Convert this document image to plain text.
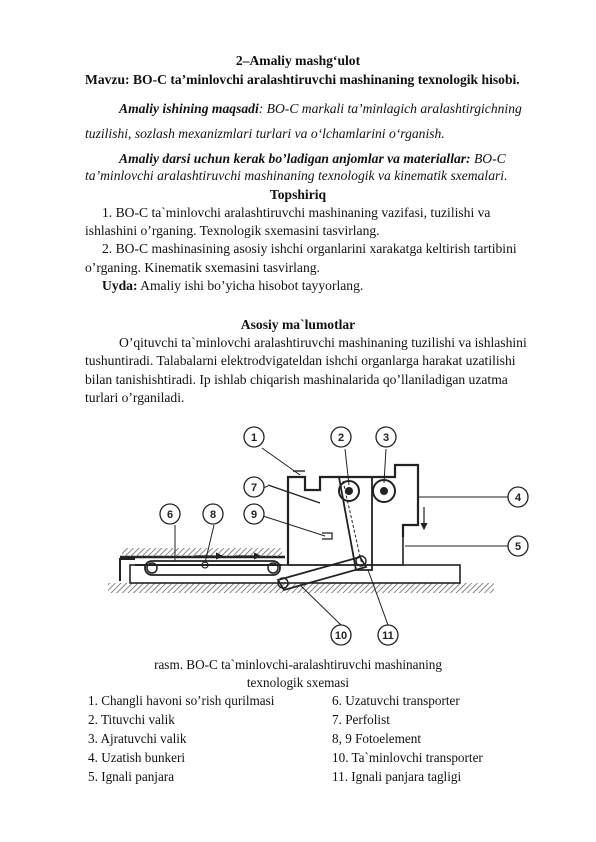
2–Amaliy mashg‘ulot
Mavzu: BO-C ta’minlovchi aralashtiruvchi mashinaning texnologik hisobi.
Amaliy ishining maqsadi: BO-C markali ta’minlagich aralashtirgichning
tuzilishi, sozlash mexanizmlari turlari va o‘lchamlarini o‘rganish.
Amaliy darsi uchun kerak bo’ladigan anjomlar va materiallar: BO-C
ta’minlovchi aralashtiruvchi mashinaning texnologik va kinematik sxemalari.
Topshiriq
1. BO-C ta`minlovchi aralashtiruvchi mashinaning vazifasi, tuzilishi va
ishlashini o’rganing. Texnologik sxemasini tasvirlang.
2. BO-C mashinasining asosiy ishchi organlarini xarakatga keltirish tartibini
o’rganing. Kinematik sxemasini tasvirlang.
Uyda: Amaliy ishi bo’yicha hisobot tayyorlang.
Asosiy ma`lumotlar
O’qituvchi ta`minlovchi aralashtiruvchi mashinaning tuzilishi va ishlashini
tushuntiradi. Talabalarni elektrodvigateldan ishchi organlarga harakat uzatilishi
bilan tanishishtiradi. Ip ishlab chiqarish mashinalarida qo’llaniladigan uzatma
turlari o’rganiladi.
1	2	3
4
5
6
7
8	9
10	11
rasm. BO-C ta`minlovchi-aralashtiruvchi mashinaning
texnologik sxemasi
1. Changli havoni so’rish qurilmasi
2. Tituvchi valik
3. Ajratuvchi valik
4. Uzatish bunkeri
5. Ignali panjara
6. Uzatuvchi transporter
7. Perfolist
8, 9 Fotoelement
10. Ta`minlovchi transporter
11. Ignali panjara tagligi
